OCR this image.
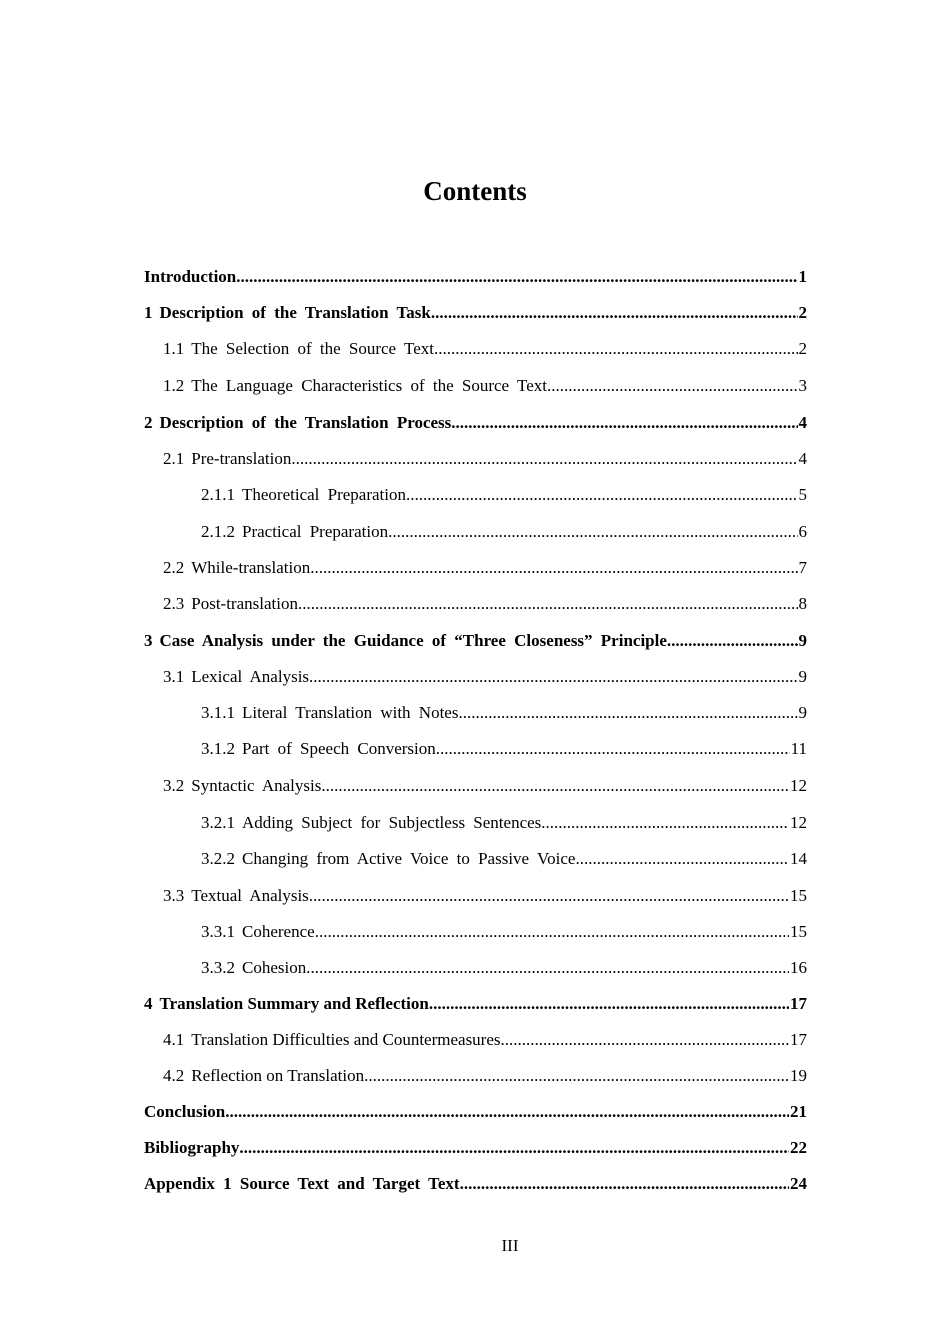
Contents
Introduction .....	1
1 Description of the Translation Task .....	2
1.1 The Selection of the Source Text .....	2
1.2 The Language Characteristics of the Source Text .....	3
2 Description of the Translation Process .....	4
2.1 Pre-translation .....	4
2.1.1 Theoretical Preparation .....	5
2.1.2 Practical Preparation .....	6
2.2 While-translation .....	7
2.3 Post-translation .....	8
3 Case Analysis under the Guidance of “Three Closeness” Principle .....	9
3.1 Lexical Analysis .....	9
3.1.1 Literal Translation with Notes .....	9
3.1.2 Part of Speech Conversion .....	11
3.2 Syntactic Analysis .....	12
3.2.1 Adding Subject for Subjectless Sentences .....	12
3.2.2 Changing from Active Voice to Passive Voice .....	14
3.3 Textual Analysis .....	15
3.3.1 Coherence .....	15
3.3.2 Cohesion .....	16
4 Translation Summary and Reflection .....	17
4.1 Translation Difficulties and Countermeasures .....	17
4.2 Reflection on Translation .....	19
Conclusion .....	21
Bibliography .....	22
Appendix 1 Source Text and Target Text .....	24
III
